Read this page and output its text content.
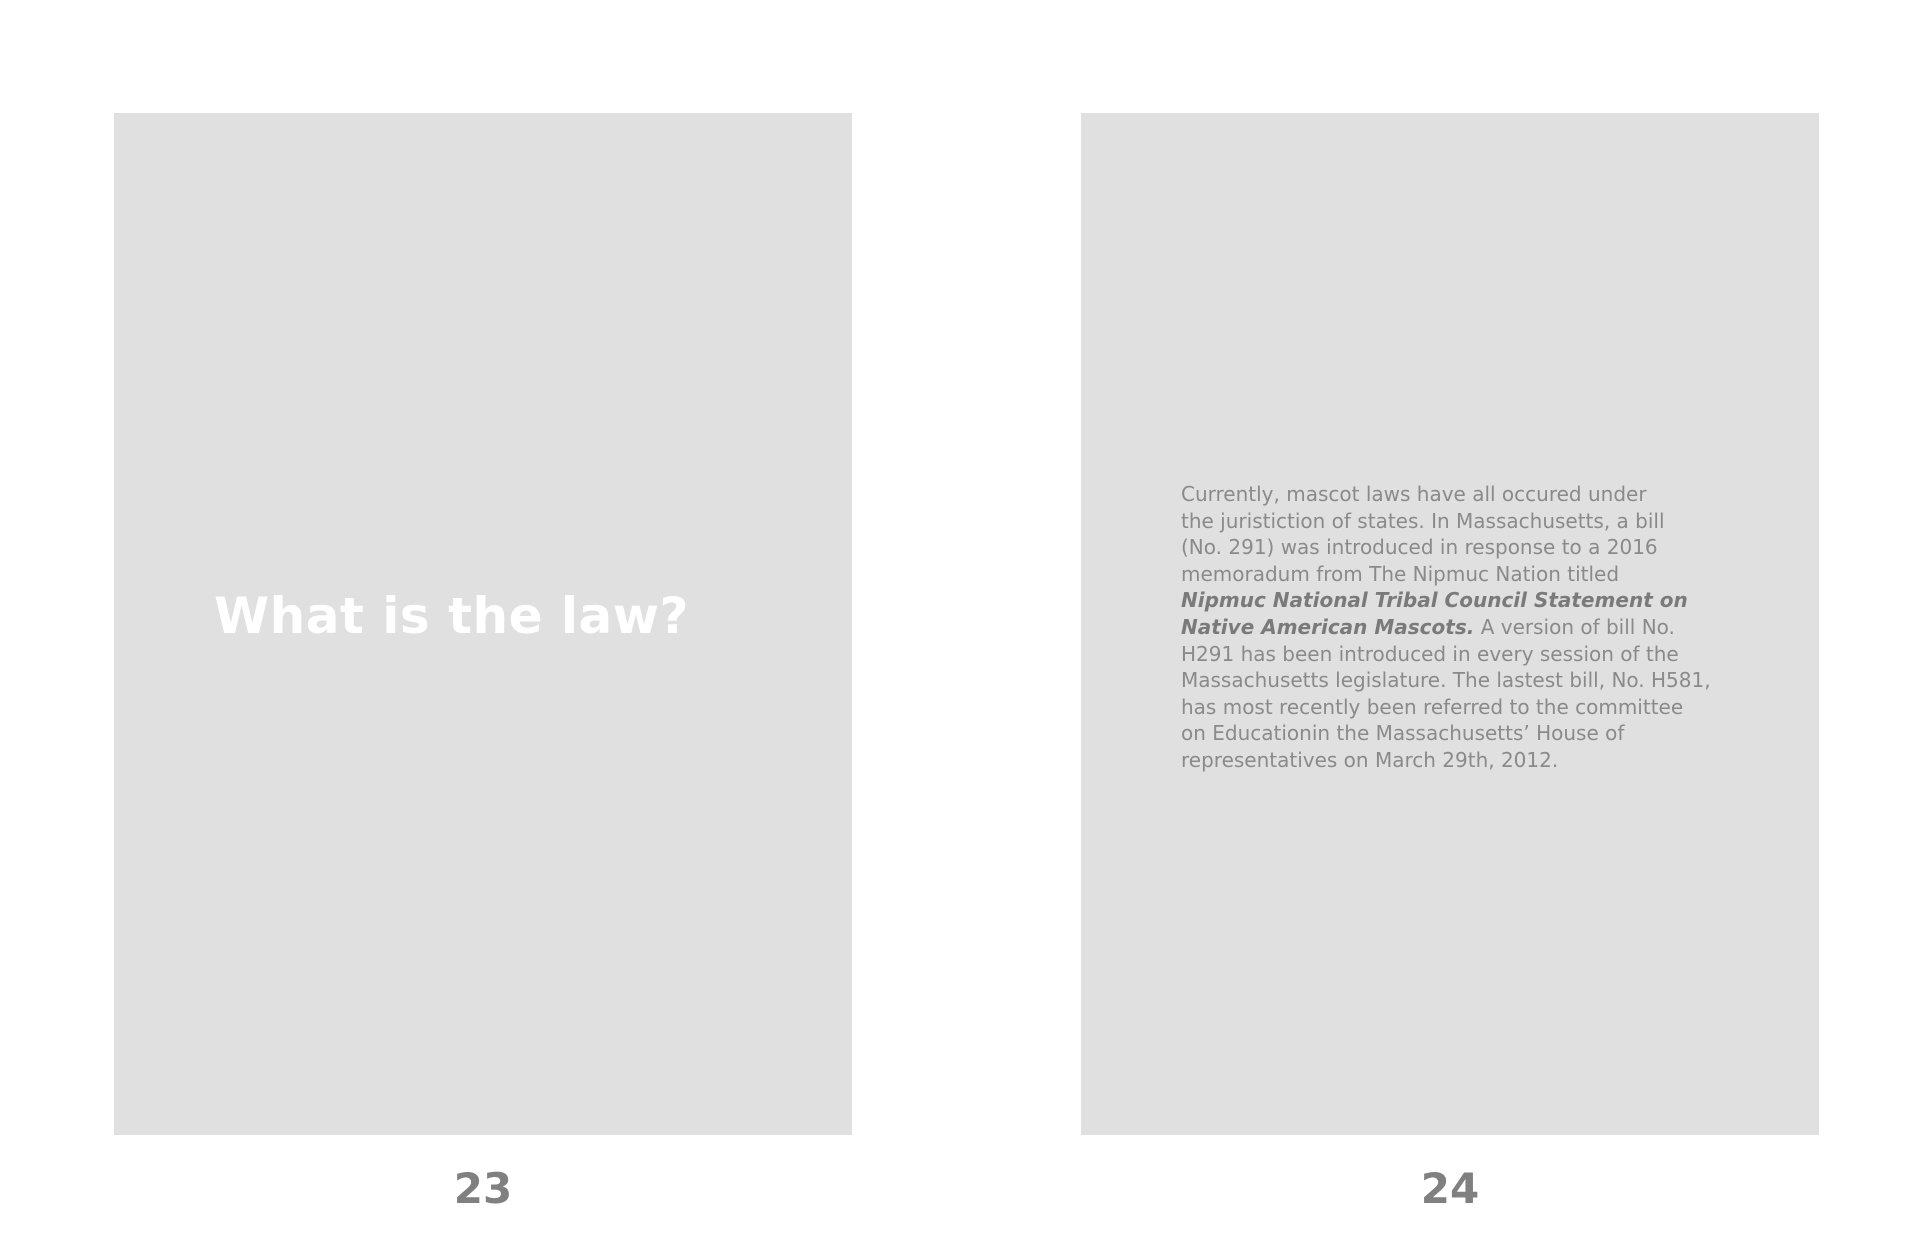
What is the law?

Currently, mascot laws have all occured under
the juristiction of states. In Massachusetts, a bill
(No. 291) was introduced in response to a 2016
memoradum from The Nipmuc Nation titled
Nipmuc National Tribal Council Statement on
Native American Mascots. A version of bill No.
H291 has been introduced in every session of the
Massachusetts legislature. The lastest bill, No. H581,
has most recently been referred to the committee
on Educationin the Massachusetts’ House of
representatives on March 29th, 2012.

23	24
